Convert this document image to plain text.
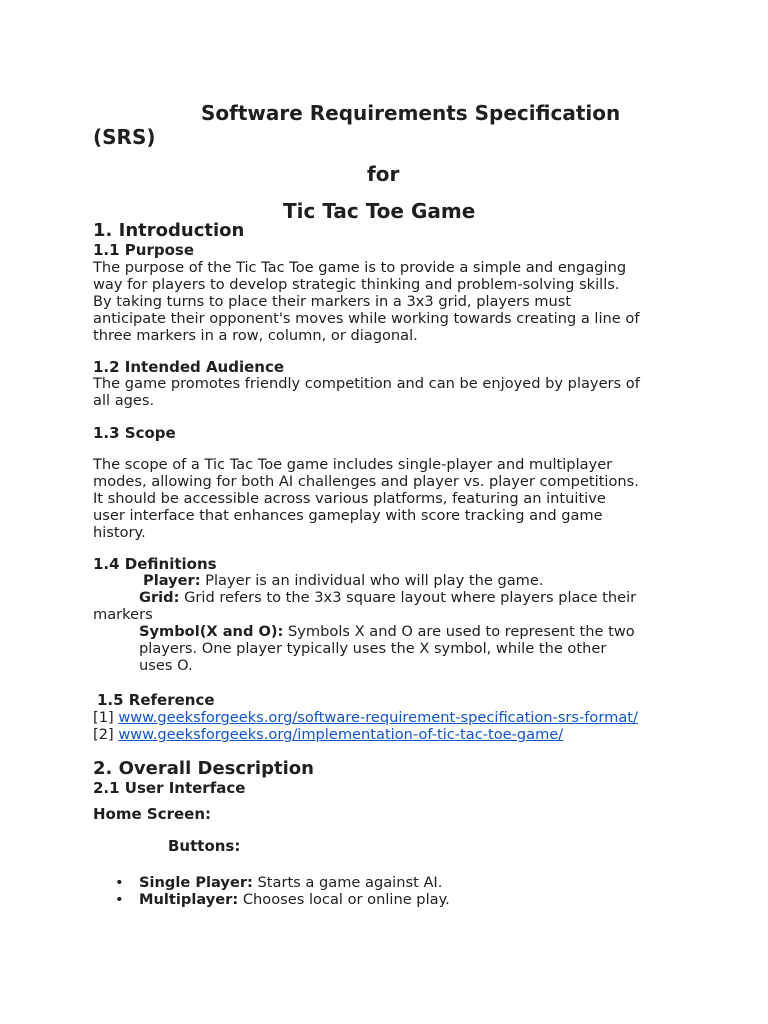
Software Requirements Specification

(SRS)

for

Tic Tac Toe Game

1. Introduction

1.1 Purpose

The purpose of the Tic Tac Toe game is to provide a simple and engaging
way for players to develop strategic thinking and problem-solving skills.
By taking turns to place their markers in a 3x3 grid, players must
anticipate their opponent's moves while working towards creating a line of
three markers in a row, column, or diagonal.

1.2 Intended Audience

The game promotes friendly competition and can be enjoyed by players of
all ages.

1.3 Scope

The scope of a Tic Tac Toe game includes single-player and multiplayer
modes, allowing for both AI challenges and player vs. player competitions.
It should be accessible across various platforms, featuring an intuitive
user interface that enhances gameplay with score tracking and game
history.

1.4 Definitions

Player: Player is an individual who will play the game.

Grid: Grid refers to the 3x3 square layout where players place their

markers

Symbol(X and O): Symbols X and O are used to represent the two

players. One player typically uses the X symbol, while the other

uses O.

1.5 Reference

[1] www.geeksforgeeks.org/software-requirement-specification-srs-format/

[2] www.geeksforgeeks.org/implementation-of-tic-tac-toe-game/

2. Overall Description

2.1 User Interface

Home Screen:

Buttons:

• Single Player: Starts a game against AI.
• Multiplayer: Chooses local or online play.
